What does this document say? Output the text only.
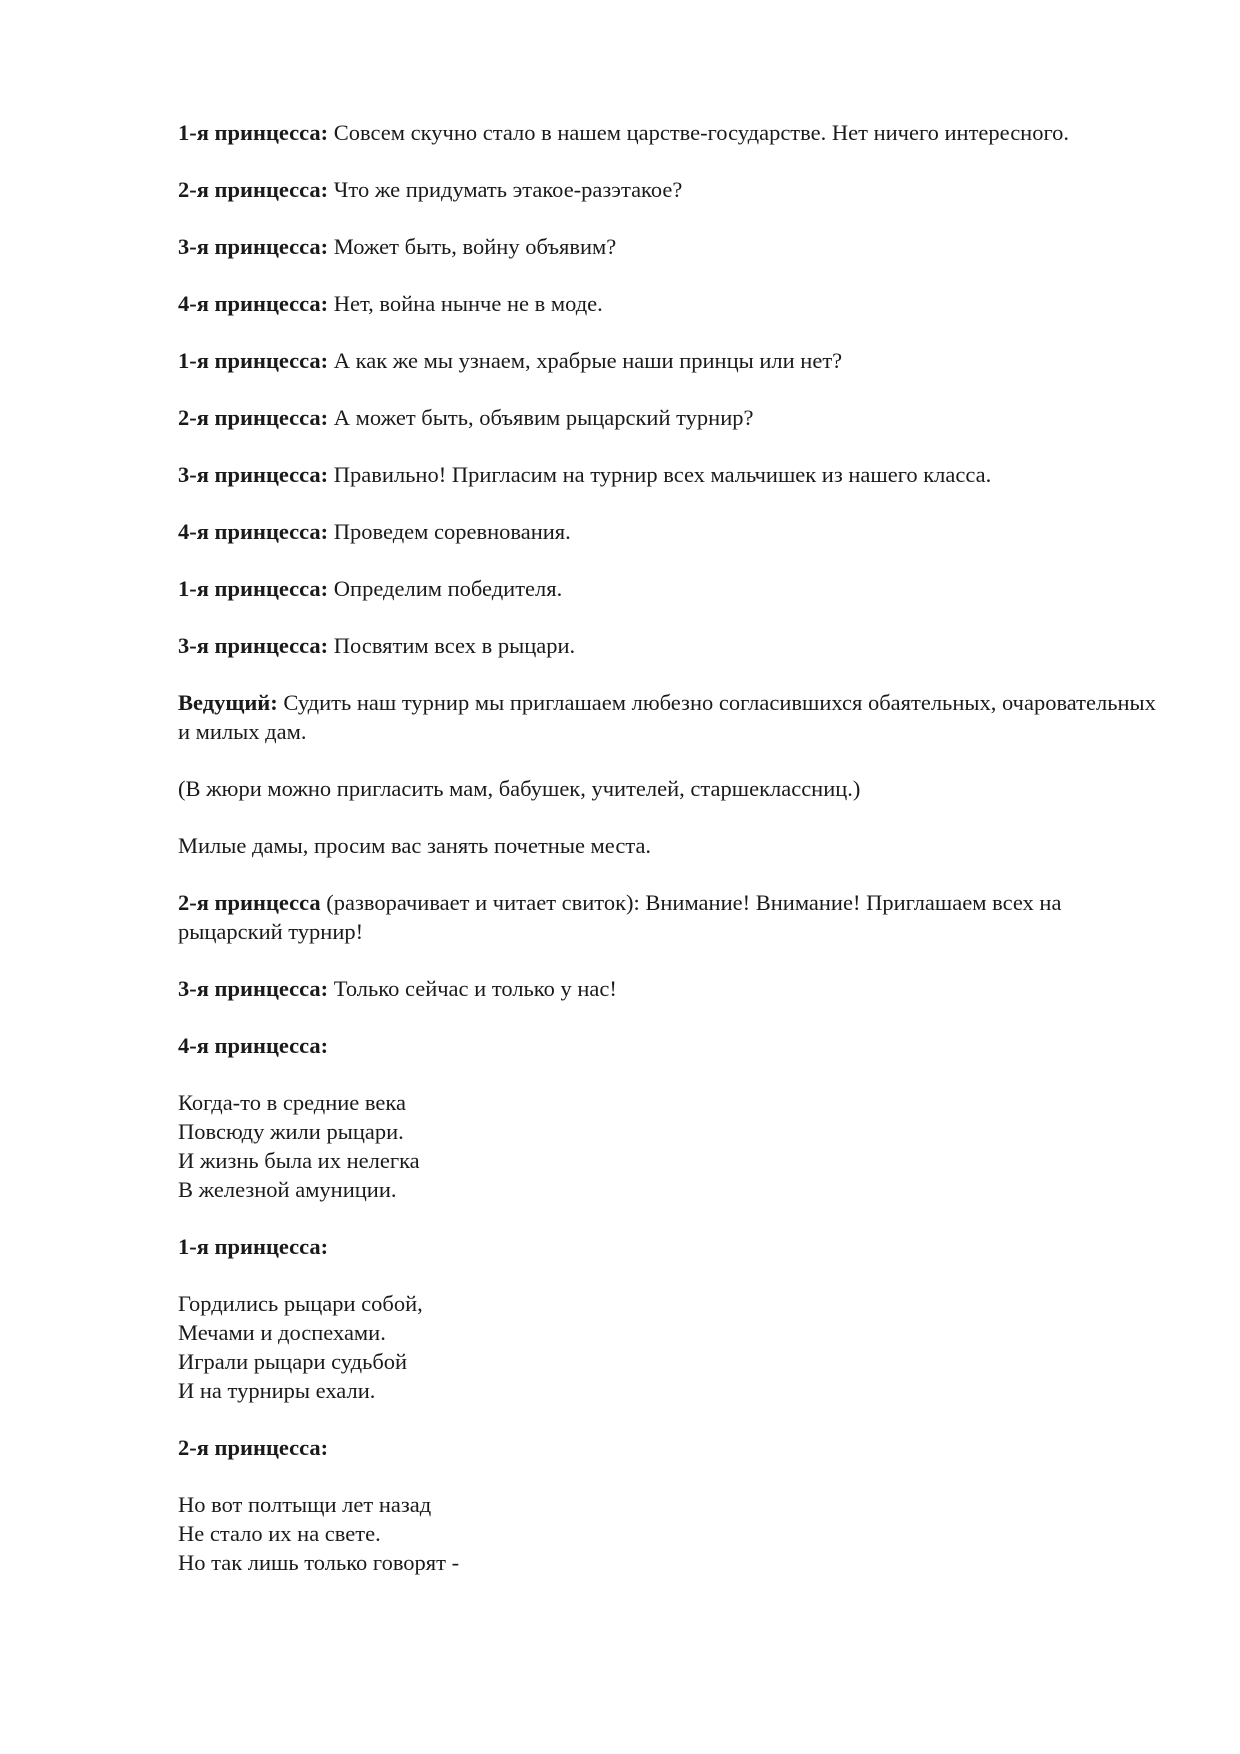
1-я принцесса: Совсем скучно стало в нашем царстве-государстве. Нет ничего интересного.

2-я принцесса: Что же придумать этакое-разэтакое?

3-я принцесса: Может быть, войну объявим?

4-я принцесса: Нет, война нынче не в моде.

1-я принцесса: А как же мы узнаем, храбрые наши принцы или нет?

2-я принцесса: А может быть, объявим рыцарский турнир?

3-я принцесса: Правильно! Пригласим на турнир всех мальчишек из нашего класса.

4-я принцесса: Проведем соревнования.

1-я принцесса: Определим победителя.

3-я принцесса: Посвятим всех в рыцари.

Ведущий: Судить наш турнир мы приглашаем любезно согласившихся обаятельных, очаровательных и милых дам.

(В жюри можно пригласить мам, бабушек, учителей, старшеклассниц.)

Милые дамы, просим вас занять почетные места.

2-я принцесса (разворачивает и читает свиток): Внимание! Внимание! Приглашаем всех на рыцарский турнир!

3-я принцесса: Только сейчас и только у нас!

4-я принцесса:

Когда-то в средние века
Повсюду жили рыцари.
И жизнь была их нелегка
В железной амуниции.

1-я принцесса:

Гордились рыцари собой,
Мечами и доспехами.
Играли рыцари судьбой
И на турниры ехали.

2-я принцесса:

Но вот полтыщи лет назад
Не стало их на свете.
Но так лишь только говорят -
